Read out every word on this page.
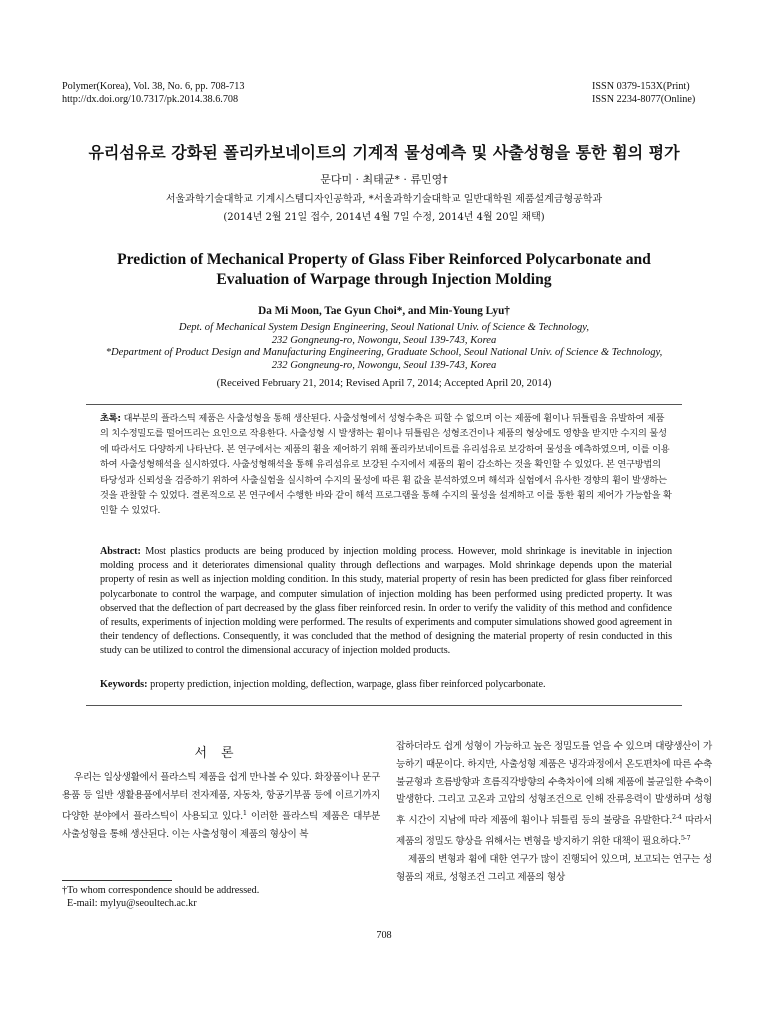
Polymer(Korea), Vol. 38, No. 6, pp. 708-713
http://dx.doi.org/10.7317/pk.2014.38.6.708
ISSN 0379-153X(Print)
ISSN 2234-8077(Online)
유리섬유로 강화된 폴리카보네이트의 기계적 물성예측 및 사출성형을 통한 휨의 평가
문다미 · 최태균* · 류민영†
서울과학기술대학교 기계시스템디자인공학과, *서울과학기술대학교 일반대학원 제품설계금형공학과
(2014년 2월 21일 접수, 2014년 4월 7일 수정, 2014년 4월 20일 채택)
Prediction of Mechanical Property of Glass Fiber Reinforced Polycarbonate and
Evaluation of Warpage through Injection Molding
Da Mi Moon, Tae Gyun Choi*, and Min-Young Lyu†
Dept. of Mechanical System Design Engineering, Seoul National Univ. of Science & Technology,
232 Gongneung-ro, Nowongu, Seoul 139-743, Korea
*Department of Product Design and Manufacturing Engineering, Graduate School, Seoul National Univ. of Science & Technology,
232 Gongneung-ro, Nowongu, Seoul 139-743, Korea
(Received February 21, 2014; Revised April 7, 2014; Accepted April 20, 2014)
초록: 대부분의 플라스틱 제품은 사출성형을 통해 생산된다. 사출성형에서 성형수축은 피할 수 없으며 이는 제품에 휨이나 뒤틀림을 유발하여 제품의 치수정밀도를 떨어뜨리는 요인으로 작용한다. 사출성형 시 발생하는 휨이나 뒤틀림은 성형조건이나 제품의 형상에도 영향을 받지만 수지의 물성에 따라서도 다양하게 나타난다. 본 연구에서는 제품의 휨을 제어하기 위해 폴리카보네이트를 유리섬유로 보강하여 물성을 예측하였으며, 이를 이용하여 사출성형해석을 실시하였다. 사출성형해석을 통해 유리섬유로 보강된 수지에서 제품의 휨이 감소하는 것을 확인할 수 있었다. 본 연구방법의 타당성과 신뢰성을 검증하기 위하여 사출실험을 실시하여 수지의 물성에 따른 휨 값을 분석하였으며 해석과 실험에서 유사한 경향의 휨이 발생하는 것을 관찰할 수 있었다. 결론적으로 본 연구에서 수행한 바와 같이 해석 프로그램을 통해 수지의 물성을 설계하고 이를 통한 휨의 제어가 가능함을 확인할 수 있었다.
Abstract: Most plastics products are being produced by injection molding process. However, mold shrinkage is inevitable in injection molding process and it deteriorates dimensional quality through deflections and warpages. Mold shrinkage depends upon the material property of resin as well as injection molding condition. In this study, material property of resin has been predicted for glass fiber reinforced polycarbonate to control the warpage, and computer simulation of injection molding has been performed using predicted property. It was observed that the deflection of part decreased by the glass fiber reinforced resin. In order to verify the validity of this method and confidence of results, experiments of injection molding were performed. The results of experiments and computer simulations showed good agreement in their tendency of deflections. Consequently, it was concluded that the method of designing the material property of resin conducted in this study can be utilized to control the dimensional accuracy of injection molded products.
Keywords: property prediction, injection molding, deflection, warpage, glass fiber reinforced polycarbonate.
서론

우리는 일상생활에서 플라스틱 제품을 쉽게 만나볼 수 있다. 화장품이나 문구용품 등 일반 생활용품에서부터 전자제품, 자동차, 항공기부품 등에 이르기까지 다양한 분야에서 플라스틱이 사용되고 있다.$^1$ 이러한 플라스틱 제품은 대부분 사출성형을 통해 생산된다. 이는 사출성형이 제품의 형상이 복

잡하더라도 쉽게 성형이 가능하고 높은 정밀도를 얻을 수 있으며 대량생산이 가능하기 때문이다. 하지만, 사출성형 제품은 냉각과정에서 온도편차에 따른 수축 불균형과 흐름방향과 흐름직각방향의 수축차이에 의해 제품에 불균일한 수축이 발생한다. 그리고 고온과 고압의 성형조건으로 인해 잔류응력이 발생하며 성형 후 시간이 지남에 따라 제품에 휨이나 뒤틀림 등의 불량을 유발한다.$^{2-4}$ 따라서 제품의 정밀도 향상을 위해서는 변형을 방지하기 위한 대책이 필요하다.$^{5-7}$

제품의 변형과 휨에 대한 연구가 많이 진행되어 있으며, 보고되는 연구는 성형품의 재료, 성형조건 그리고 제품의 형상

†To whom correspondence should be addressed.
E-mail: mylyu@seoultech.ac.kr
708
